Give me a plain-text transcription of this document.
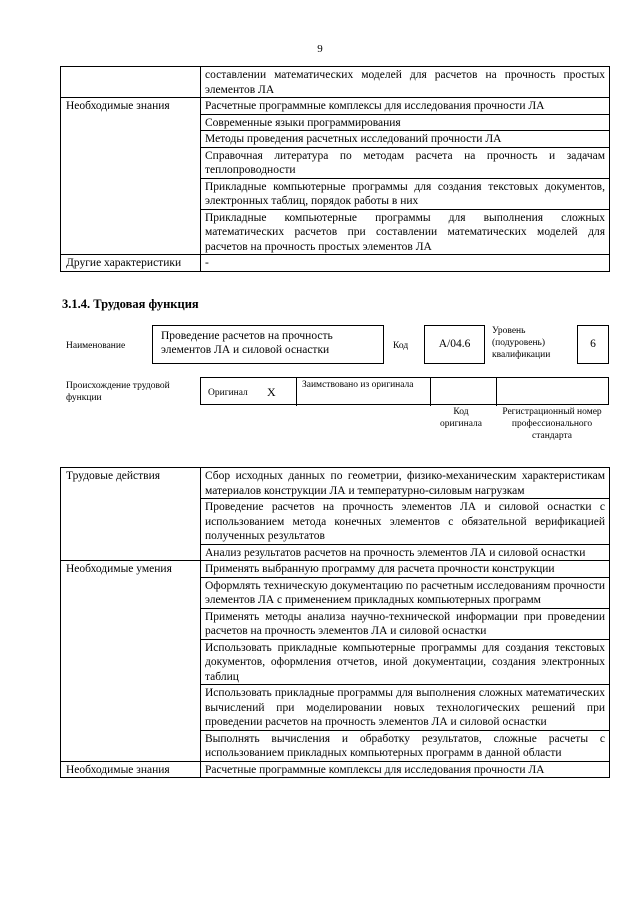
9
	составлении математических моделей для расчетов на прочность простых элементов ЛА
Необходимые знания	Расчетные программные комплексы для исследования прочности ЛА
	Современные языки программирования
	Методы проведения расчетных исследований прочности ЛА
	Справочная литература по методам расчета на прочность и задачам теплопроводности
	Прикладные компьютерные программы для создания текстовых документов, электронных таблиц, порядок работы в них
	Прикладные компьютерные программы для выполнения сложных математических расчетов при составлении математических моделей для расчетов на прочность простых элементов ЛА
Другие характеристики	-
3.1.4. Трудовая функция
Наименование
Проведение расчетов на прочность элементов ЛА и силовой оснастки	Код	A/04.6
Уровень (подуровень) квалификации
6
Происхождение трудовой функции	Оригинал X	Заимствовано из оригинала
Код оригинала
Регистрационный номер профессионального стандарта
Трудовые действия	Сбор исходных данных по геометрии, физико-механическим характеристикам материалов конструкции ЛА и температурно-силовым нагрузкам
	Проведение расчетов на прочность элементов ЛА и силовой оснастки с использованием метода конечных элементов с обязательной верификацией полученных результатов
	Анализ результатов расчетов на прочность элементов ЛА и силовой оснастки
Необходимые умения	Применять выбранную программу для расчета прочности конструкции
	Оформлять техническую документацию по расчетным исследованиям прочности элементов ЛА с применением прикладных компьютерных программ
	Применять методы анализа научно-технической информации при проведении расчетов на прочность элементов ЛА и силовой оснастки
	Использовать прикладные компьютерные программы для создания текстовых документов, оформления отчетов, иной документации, создания электронных таблиц
	Использовать прикладные программы для выполнения сложных математических вычислений при моделировании новых технологических решений при проведении расчетов на прочность элементов ЛА и силовой оснастки
	Выполнять вычисления и обработку результатов, сложные расчеты с использованием прикладных компьютерных программ в данной области
Необходимые знания	Расчетные программные комплексы для исследования прочности ЛА
